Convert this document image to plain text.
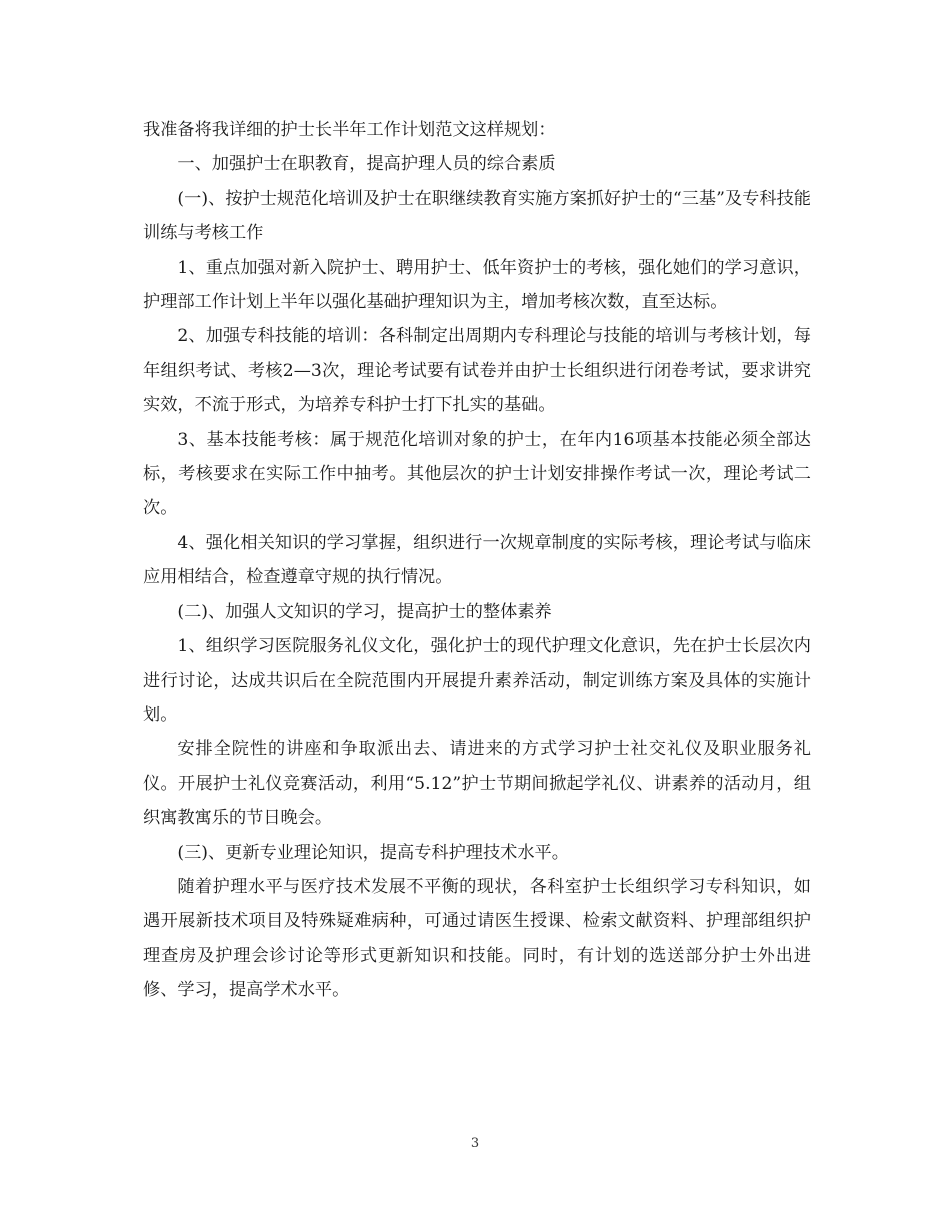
我准备将我详细的护士长半年工作计划范文这样规划：

一、加强护士在职教育，提高护理人员的综合素质

(一)、按护士规范化培训及护士在职继续教育实施方案抓好护士的“三基”及专科技能训练与考核工作

1、重点加强对新入院护士、聘用护士、低年资护士的考核，强化她们的学习意识，护理部工作计划上半年以强化基础护理知识为主，增加考核次数，直至达标。

2、加强专科技能的培训：各科制定出周期内专科理论与技能的培训与考核计划，每年组织考试、考核2—3次，理论考试要有试卷并由护士长组织进行闭卷考试，要求讲究实效，不流于形式，为培养专科护士打下扎实的基础。

3、基本技能考核：属于规范化培训对象的护士，在年内16项基本技能必须全部达标，考核要求在实际工作中抽考。其他层次的护士计划安排操作考试一次，理论考试二次。

4、强化相关知识的学习掌握，组织进行一次规章制度的实际考核，理论考试与临床应用相结合，检查遵章守规的执行情况。

(二)、加强人文知识的学习，提高护士的整体素养

1、组织学习医院服务礼仪文化，强化护士的现代护理文化意识，先在护士长层次内进行讨论，达成共识后在全院范围内开展提升素养活动，制定训练方案及具体的实施计划。

安排全院性的讲座和争取派出去、请进来的方式学习护士社交礼仪及职业服务礼仪。开展护士礼仪竞赛活动，利用“5.12”护士节期间掀起学礼仪、讲素养的活动月，组织寓教寓乐的节日晚会。

(三)、更新专业理论知识，提高专科护理技术水平。

随着护理水平与医疗技术发展不平衡的现状，各科室护士长组织学习专科知识，如遇开展新技术项目及特殊疑难病种，可通过请医生授课、检索文献资料、护理部组织护理查房及护理会诊讨论等形式更新知识和技能。同时，有计划的选送部分护士外出进修、学习，提高学术水平。

3
